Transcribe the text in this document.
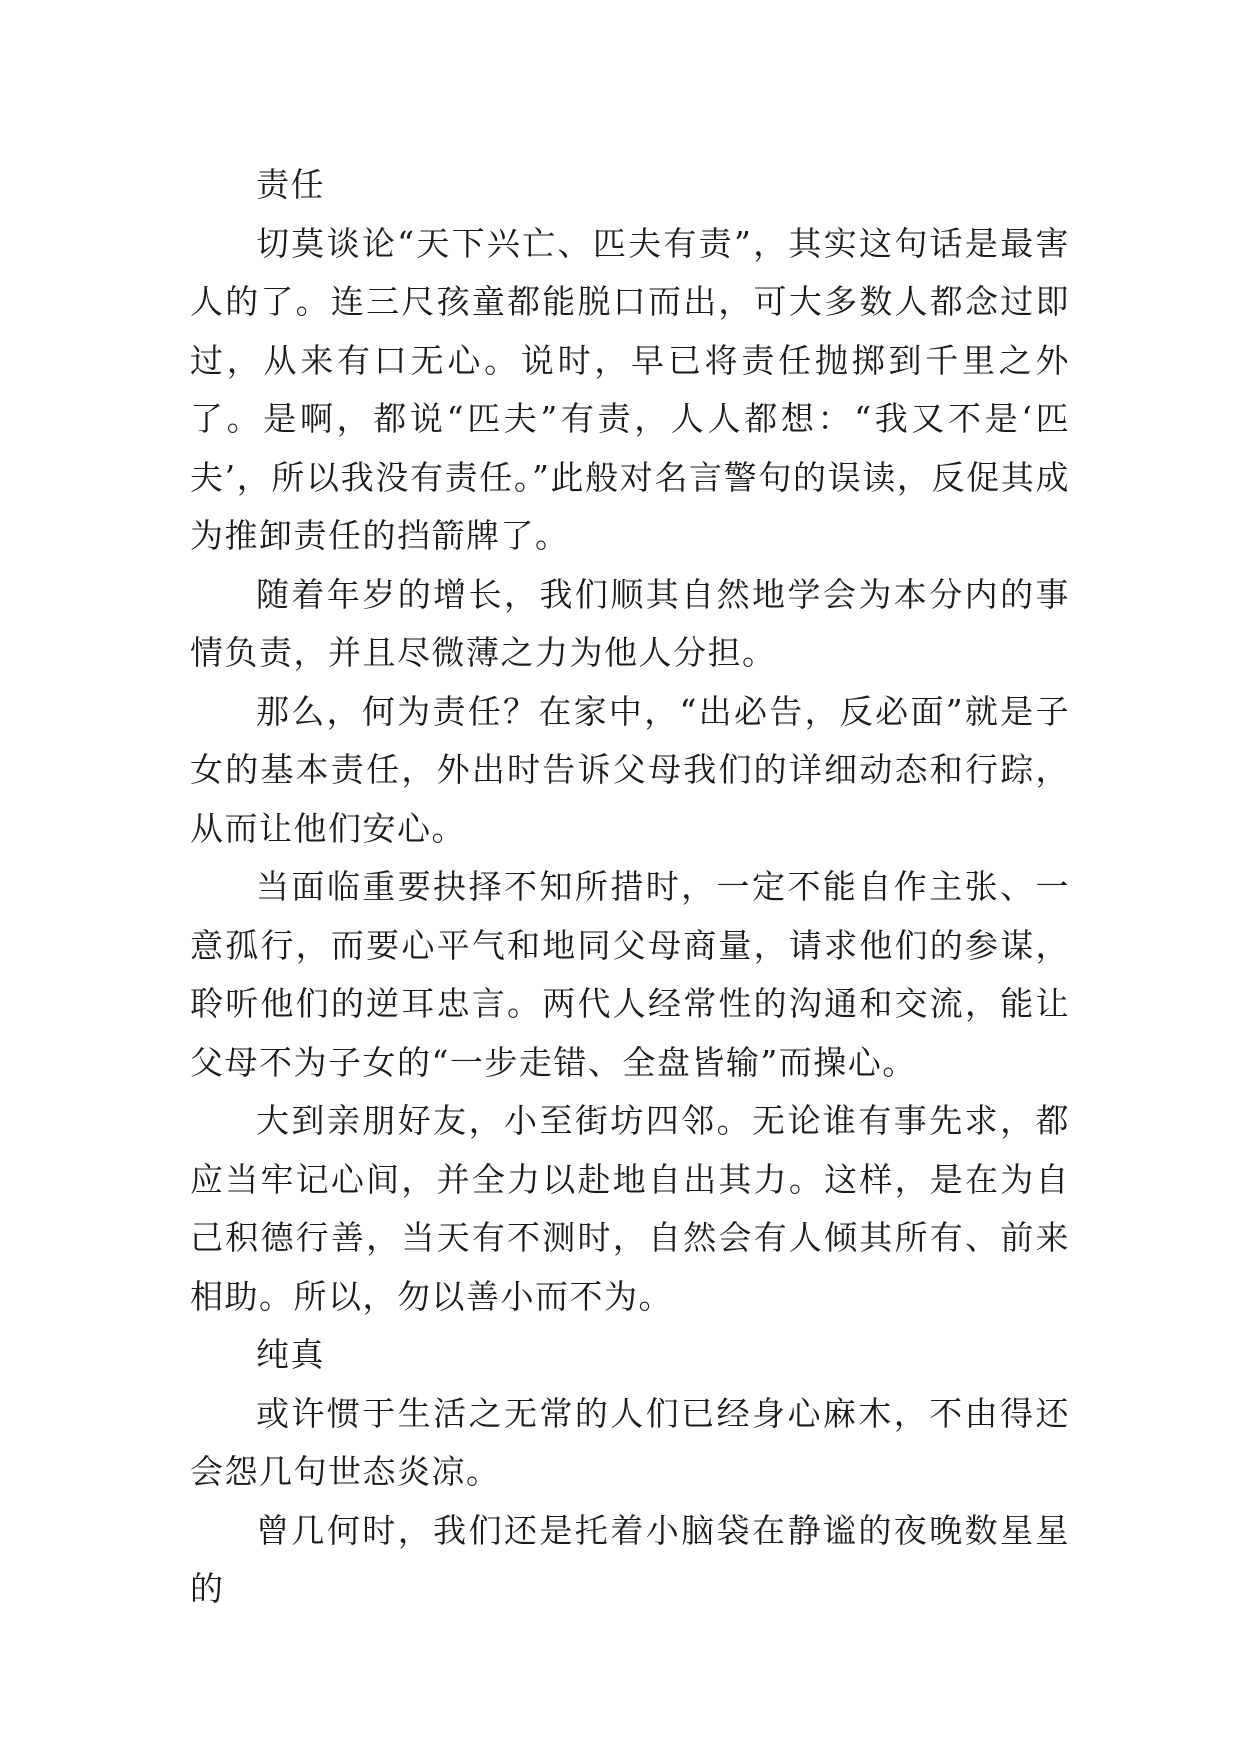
责任

切莫谈论“天下兴亡、匹夫有责”，其实这句话是最害人的了。连三尺孩童都能脱口而出，可大多数人都念过即过，从来有口无心。说时，早已将责任抛掷到千里之外了。是啊，都说“匹夫”有责，人人都想：“我又不是‘匹夫’，所以我没有责任。”此般对名言警句的误读，反促其成为推卸责任的挡箭牌了。

随着年岁的增长，我们顺其自然地学会为本分内的事情负责，并且尽微薄之力为他人分担。

那么，何为责任？在家中，“出必告，反必面”就是子女的基本责任，外出时告诉父母我们的详细动态和行踪，从而让他们安心。

当面临重要抉择不知所措时，一定不能自作主张、一意孤行，而要心平气和地同父母商量，请求他们的参谋，聆听他们的逆耳忠言。两代人经常性的沟通和交流，能让父母不为子女的“一步走错、全盘皆输”而操心。

大到亲朋好友，小至街坊四邻。无论谁有事先求，都应当牢记心间，并全力以赴地自出其力。这样，是在为自己积德行善，当天有不测时，自然会有人倾其所有、前来相助。所以，勿以善小而不为。

纯真

或许惯于生活之无常的人们已经身心麻木，不由得还会怨几句世态炎凉。

曾几何时，我们还是托着小脑袋在静谧的夜晚数星星的
